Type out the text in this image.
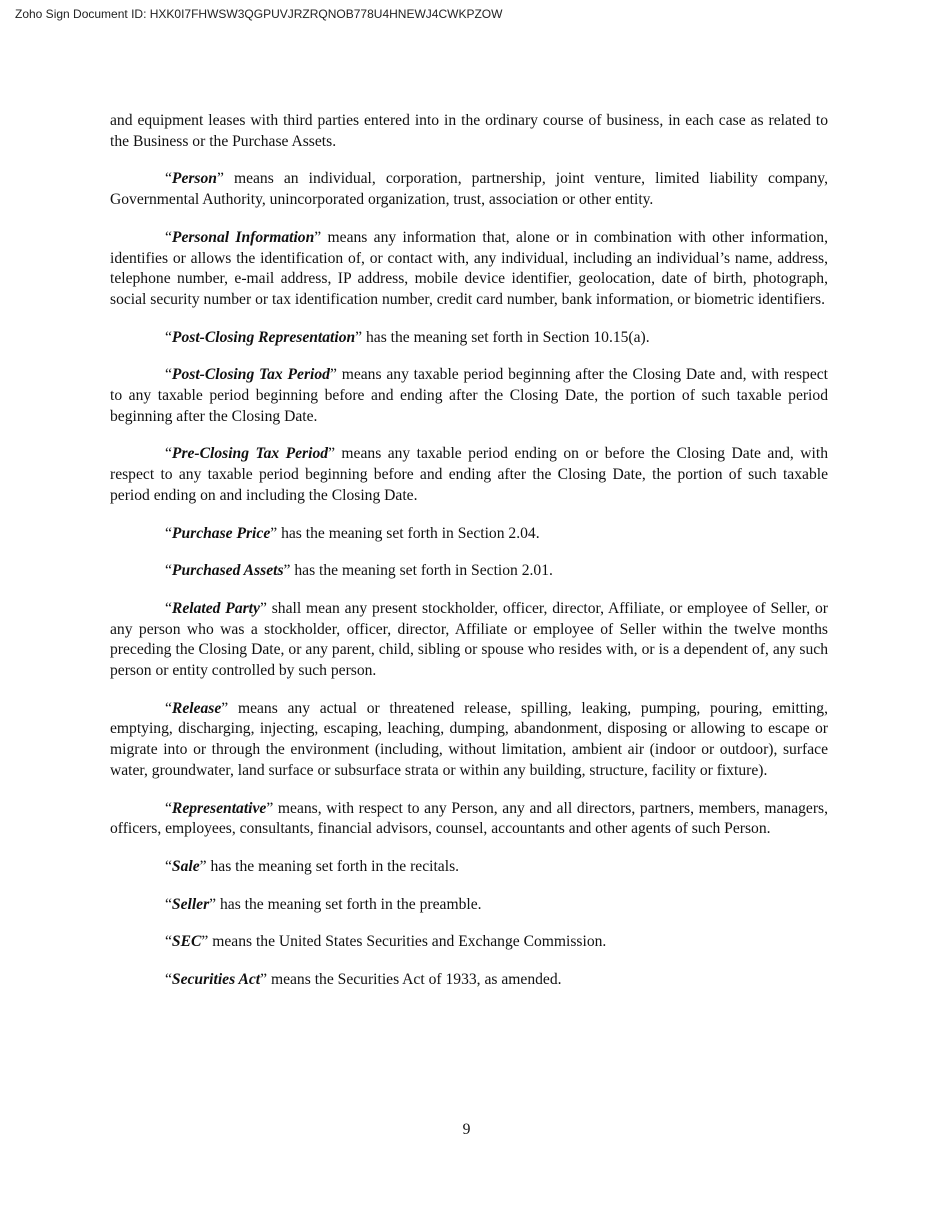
Zoho Sign Document ID: HXK0I7FHWSW3QGPUVJRZRQNOB778U4HNEWJ4CWKPZOW

and equipment leases with third parties entered into in the ordinary course of business, in each case as related to the Business or the Purchase Assets.

“Person” means an individual, corporation, partnership, joint venture, limited liability company, Governmental Authority, unincorporated organization, trust, association or other entity.

“Personal Information” means any information that, alone or in combination with other information, identifies or allows the identification of, or contact with, any individual, including an individual’s name, address, telephone number, e-mail address, IP address, mobile device identifier, geolocation, date of birth, photograph, social security number or tax identification number, credit card number, bank information, or biometric identifiers.

“Post-Closing Representation” has the meaning set forth in Section 10.15(a).

“Post-Closing Tax Period” means any taxable period beginning after the Closing Date and, with respect to any taxable period beginning before and ending after the Closing Date, the portion of such taxable period beginning after the Closing Date.

“Pre-Closing Tax Period” means any taxable period ending on or before the Closing Date and, with respect to any taxable period beginning before and ending after the Closing Date, the portion of such taxable period ending on and including the Closing Date.

“Purchase Price” has the meaning set forth in Section 2.04.

“Purchased Assets” has the meaning set forth in Section 2.01.

“Related Party” shall mean any present stockholder, officer, director, Affiliate, or employee of Seller, or any person who was a stockholder, officer, director, Affiliate or employee of Seller within the twelve months preceding the Closing Date, or any parent, child, sibling or spouse who resides with, or is a dependent of, any such person or entity controlled by such person.

“Release” means any actual or threatened release, spilling, leaking, pumping, pouring, emitting, emptying, discharging, injecting, escaping, leaching, dumping, abandonment, disposing or allowing to escape or migrate into or through the environment (including, without limitation, ambient air (indoor or outdoor), surface water, groundwater, land surface or subsurface strata or within any building, structure, facility or fixture).

“Representative” means, with respect to any Person, any and all directors, partners, members, managers, officers, employees, consultants, financial advisors, counsel, accountants and other agents of such Person.

“Sale” has the meaning set forth in the recitals.

“Seller” has the meaning set forth in the preamble.

“SEC” means the United States Securities and Exchange Commission.

“Securities Act” means the Securities Act of 1933, as amended.

9
